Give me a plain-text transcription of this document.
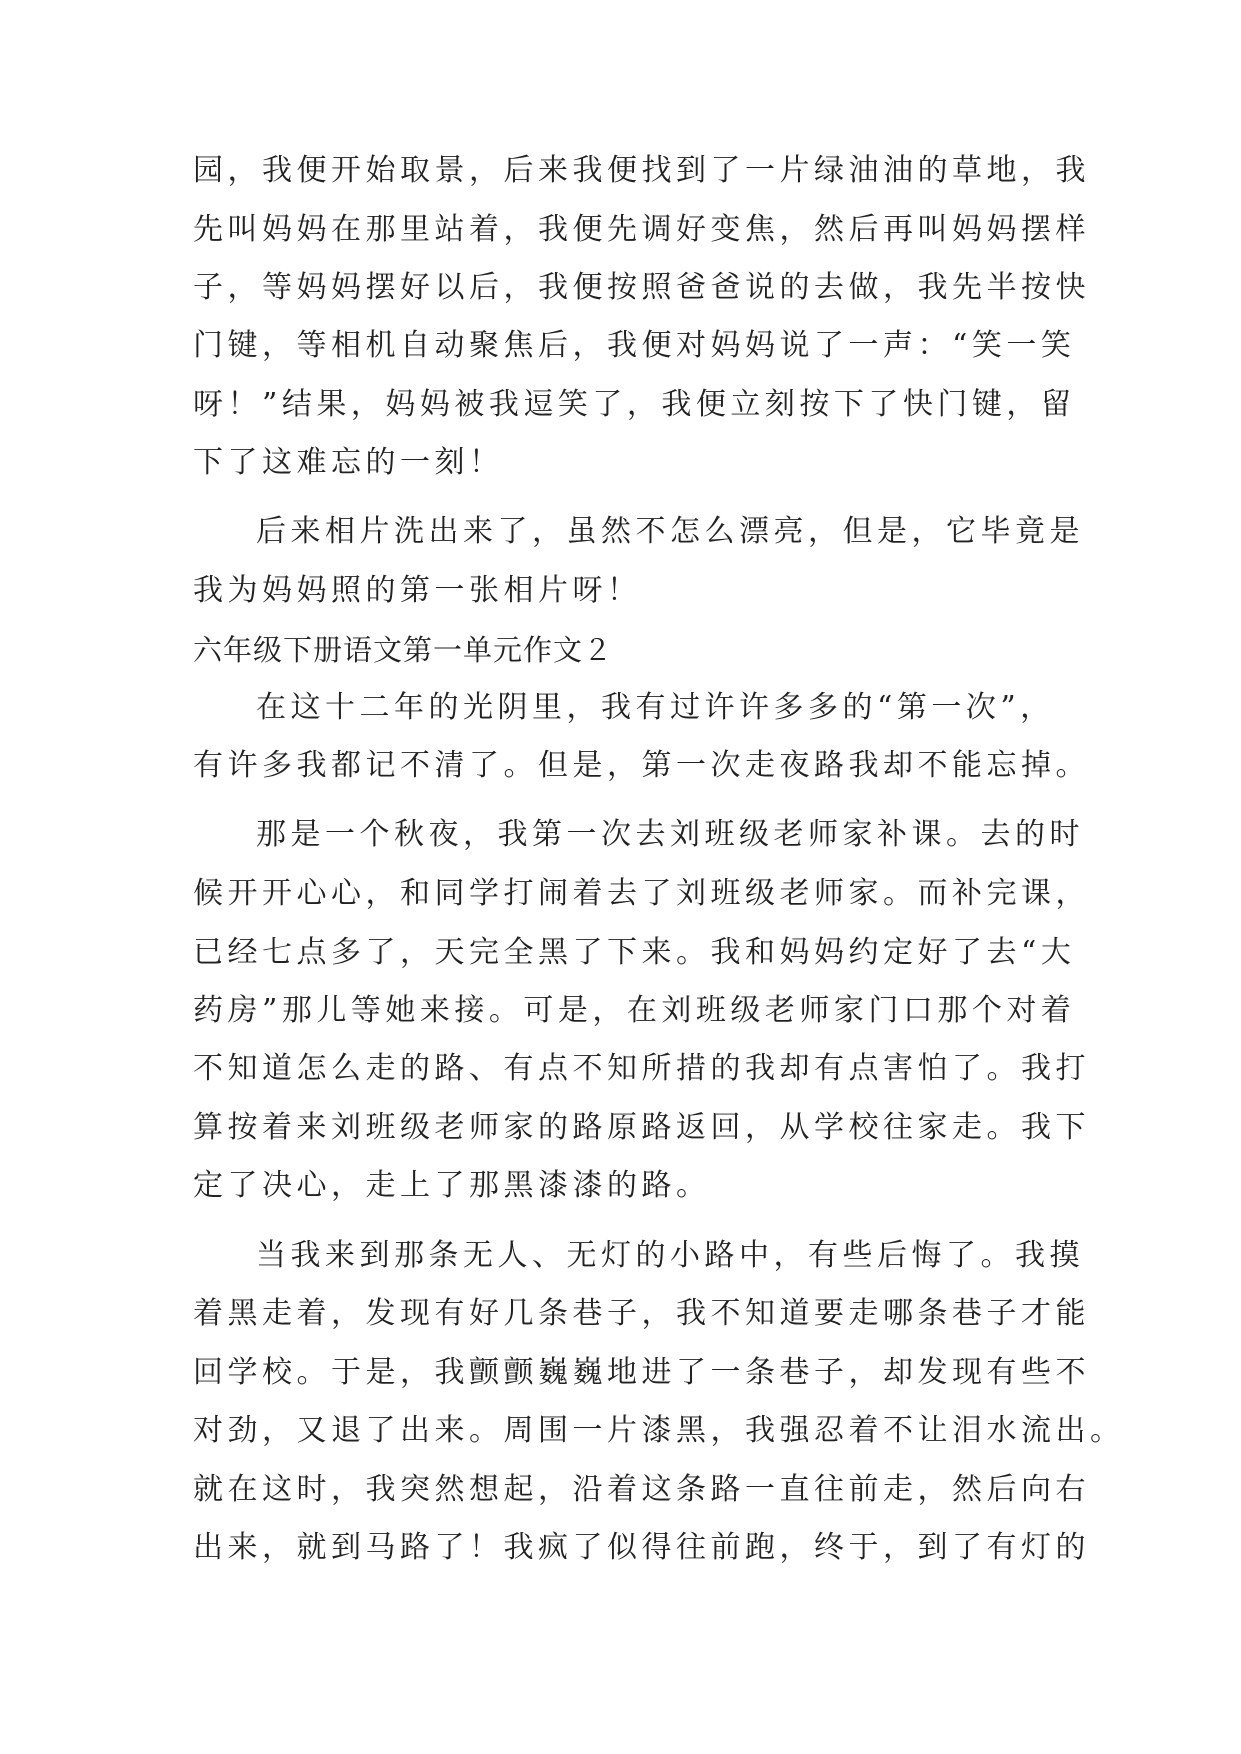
园，我便开始取景，后来我便找到了一片绿油油的草地，我
先叫妈妈在那里站着，我便先调好变焦，然后再叫妈妈摆样
子，等妈妈摆好以后，我便按照爸爸说的去做，我先半按快
门键，等相机自动聚焦后，我便对妈妈说了一声：“笑一笑
呀！”结果，妈妈被我逗笑了，我便立刻按下了快门键，留
下了这难忘的一刻！
后来相片洗出来了，虽然不怎么漂亮，但是，它毕竟是
我为妈妈照的第一张相片呀！
六年级下册语文第一单元作文２
在这十二年的光阴里，我有过许许多多的“第一次”，
有许多我都记不清了。但是，第一次走夜路我却不能忘掉。
那是一个秋夜，我第一次去刘班级老师家补课。去的时
候开开心心，和同学打闹着去了刘班级老师家。而补完课，
已经七点多了，天完全黑了下来。我和妈妈约定好了去“大
药房”那儿等她来接。可是，在刘班级老师家门口那个对着
不知道怎么走的路、有点不知所措的我却有点害怕了。我打
算按着来刘班级老师家的路原路返回，从学校往家走。我下
定了决心，走上了那黑漆漆的路。
当我来到那条无人、无灯的小路中，有些后悔了。我摸
着黑走着，发现有好几条巷子，我不知道要走哪条巷子才能
回学校。于是，我颤颤巍巍地进了一条巷子，却发现有些不
对劲，又退了出来。周围一片漆黑，我强忍着不让泪水流出。
就在这时，我突然想起，沿着这条路一直往前走，然后向右
出来，就到马路了！我疯了似得往前跑，终于，到了有灯的
